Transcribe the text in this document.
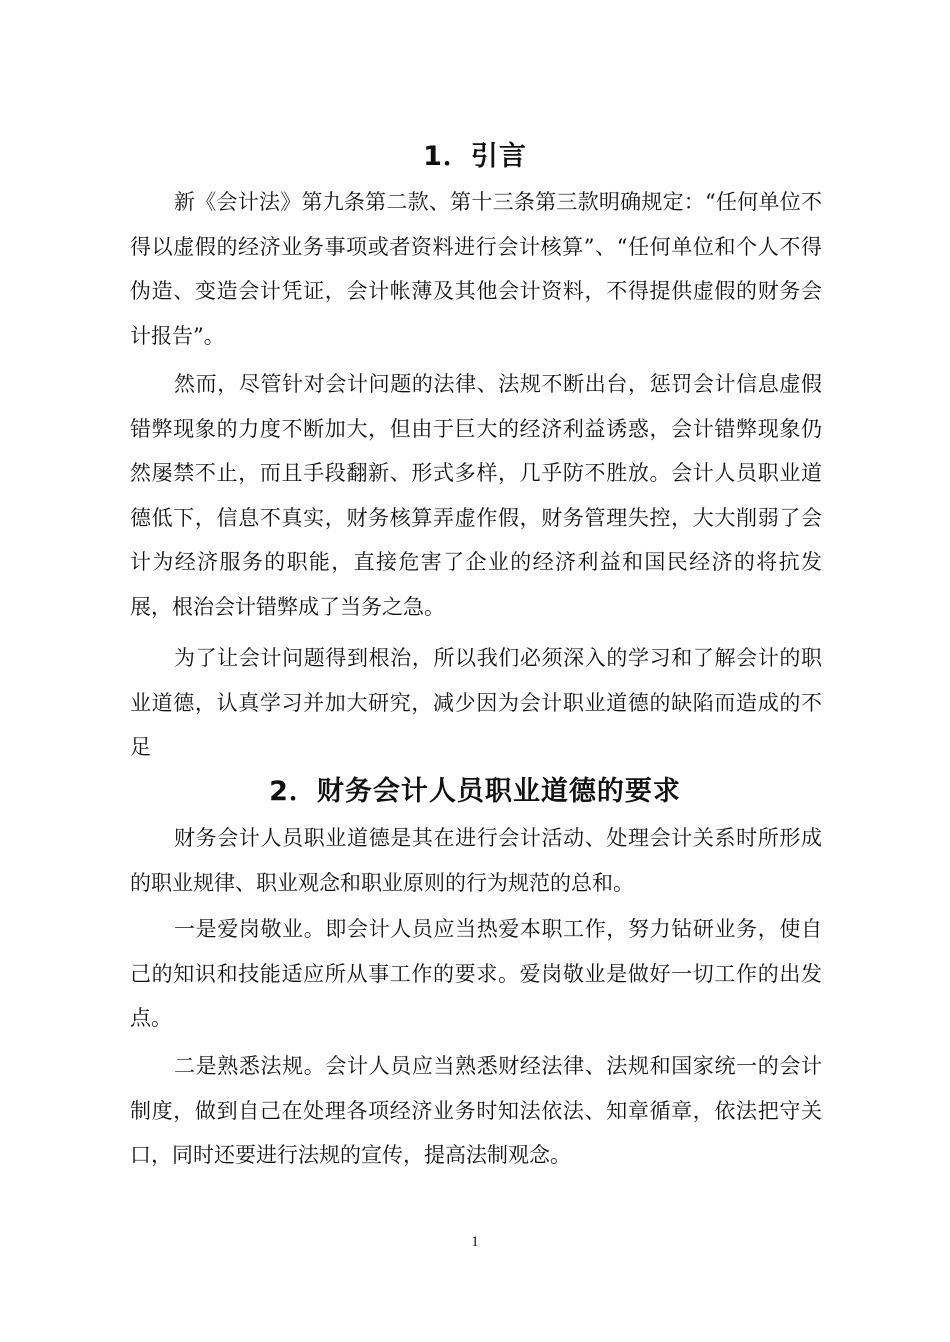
1．引言

新《会计法》第九条第二款、第十三条第三款明确规定：“任何单位不得以虚假的经济业务事项或者资料进行会计核算”、“任何单位和个人不得伪造、变造会计凭证，会计帐薄及其他会计资料，不得提供虚假的财务会计报告”。

然而，尽管针对会计问题的法律、法规不断出台，惩罚会计信息虚假错弊现象的力度不断加大，但由于巨大的经济利益诱惑，会计错弊现象仍然屡禁不止，而且手段翻新、形式多样，几乎防不胜放。会计人员职业道德低下，信息不真实，财务核算弄虚作假，财务管理失控，大大削弱了会计为经济服务的职能，直接危害了企业的经济利益和国民经济的将抗发展，根治会计错弊成了当务之急。

为了让会计问题得到根治，所以我们必须深入的学习和了解会计的职业道德，认真学习并加大研究，减少因为会计职业道德的缺陷而造成的不足

2．财务会计人员职业道德的要求

财务会计人员职业道德是其在进行会计活动、处理会计关系时所形成的职业规律、职业观念和职业原则的行为规范的总和。

一是爱岗敬业。即会计人员应当热爱本职工作，努力钻研业务，使自己的知识和技能适应所从事工作的要求。爱岗敬业是做好一切工作的出发点。

二是熟悉法规。会计人员应当熟悉财经法律、法规和国家统一的会计制度，做到自己在处理各项经济业务时知法依法、知章循章，依法把守关口，同时还要进行法规的宣传，提高法制观念。

1
